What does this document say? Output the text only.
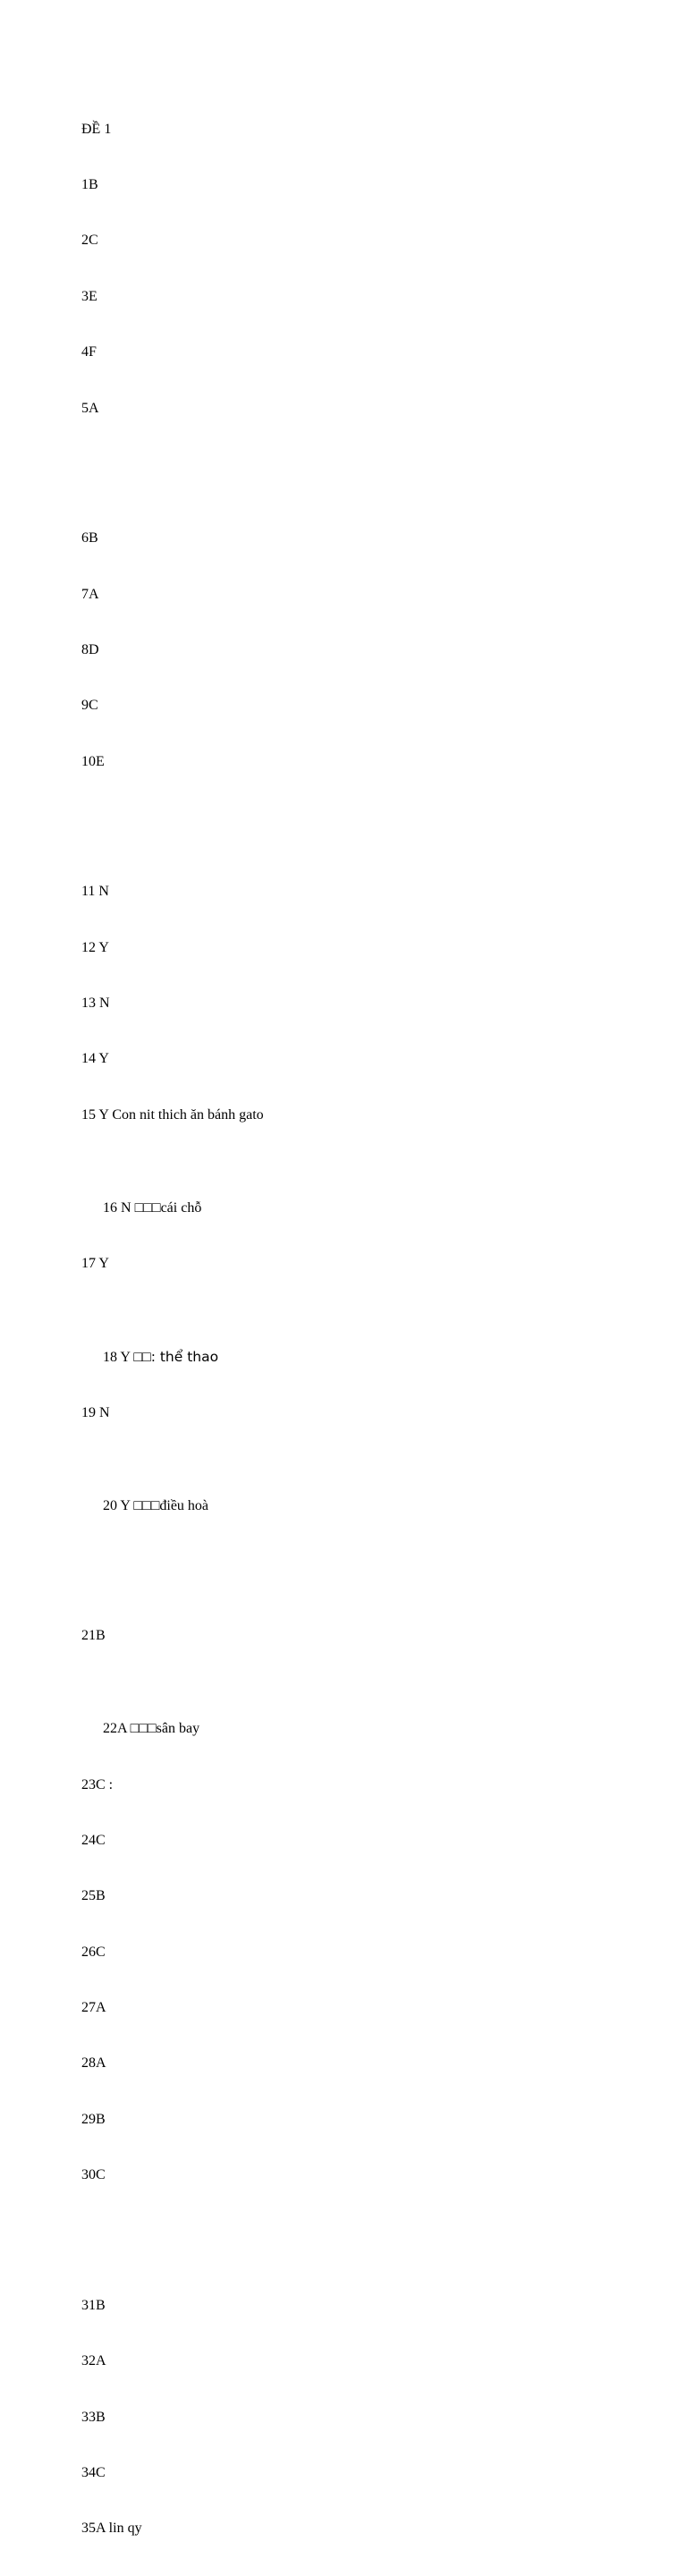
ĐỀ 1

1B

2C

3E

4F

5A

6B

7A

8D

9C

10E

11 N

12 Y

13 N

14 Y

15 Y Con nit thich ăn bánh gato

16 N □□□cái chỗ

17 Y

18 Y □□: thể thao

19 N

20 Y □□□điều hoà

21B

22A □□□sân bay

23C :

24C

25B

26C

27A

28A

29B

30C

31B

32A

33B

34C

35A lin qy
